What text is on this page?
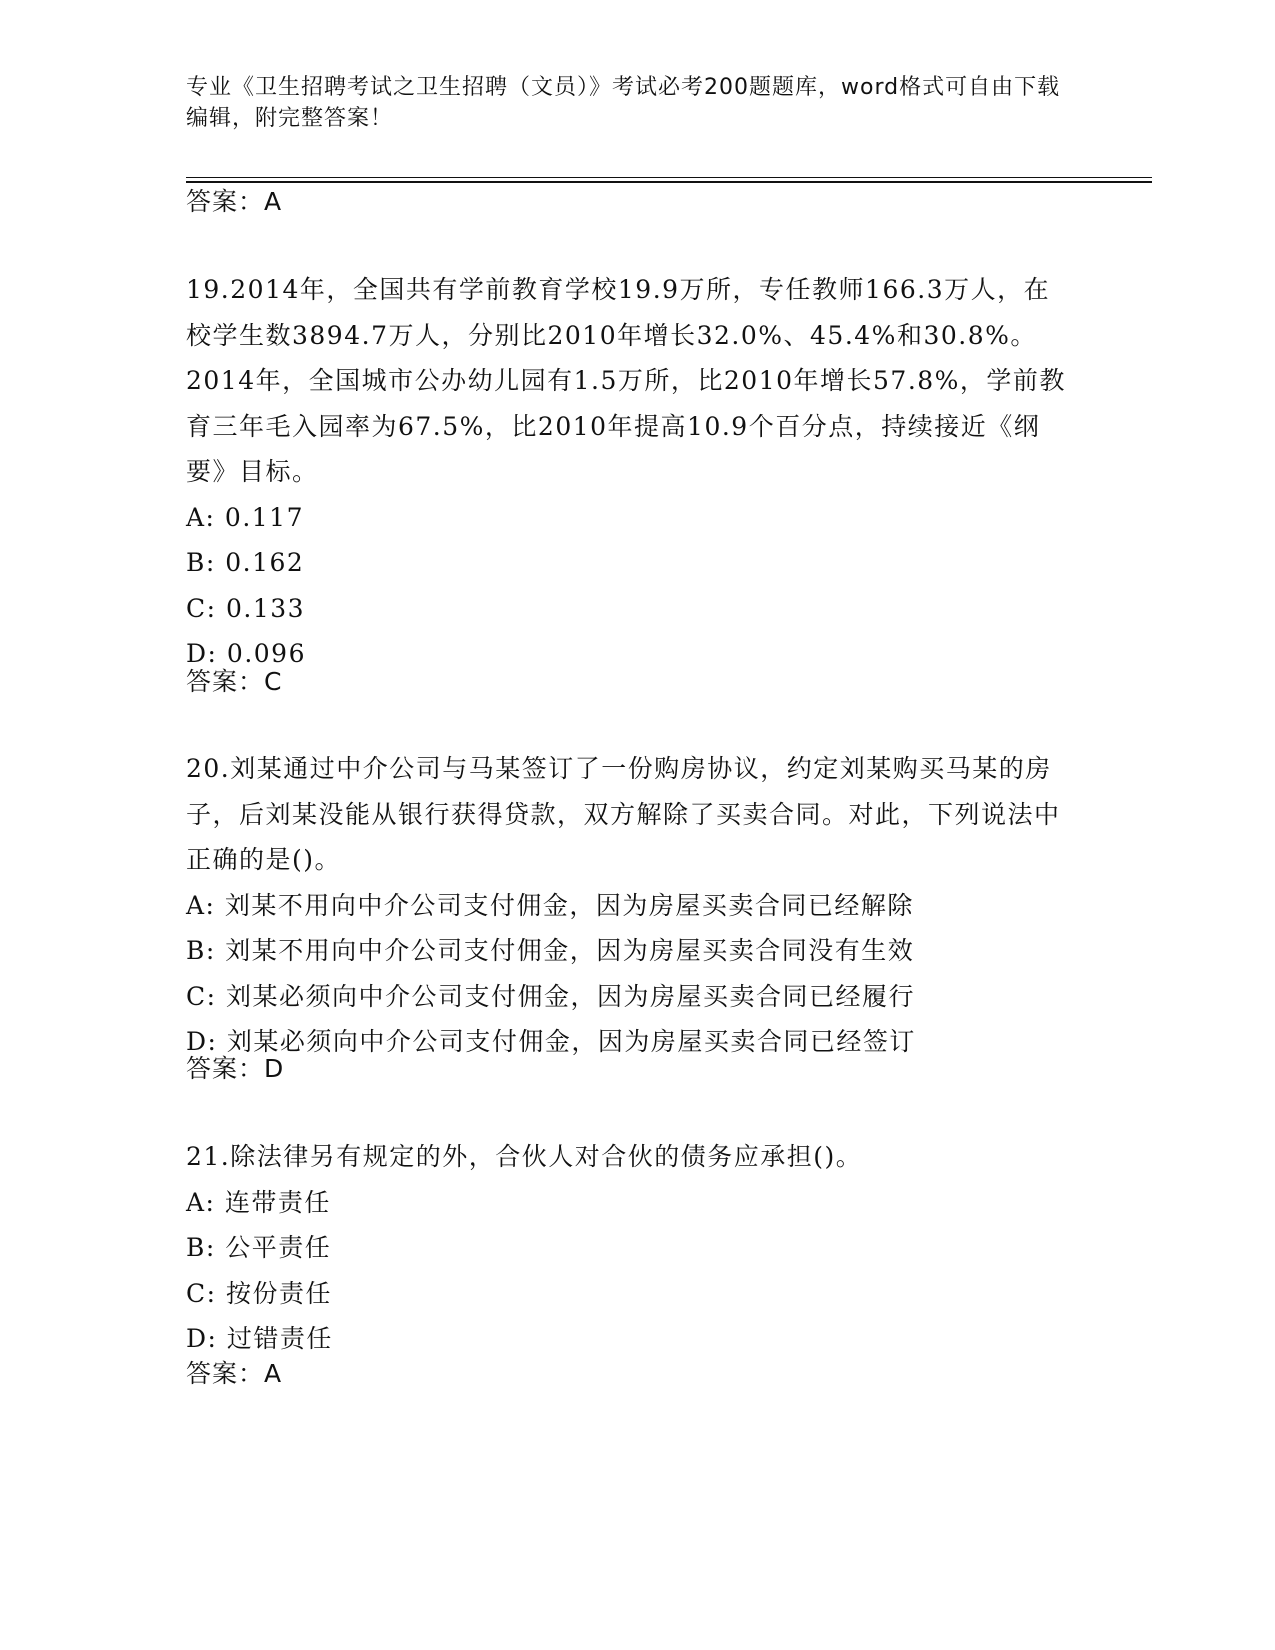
专业《卫生招聘考试之卫生招聘（文员）》考试必考200题题库，word格式可自由下载编辑，附完整答案！
答案：A
19.2014年，全国共有学前教育学校19.9万所，专任教师166.3万人，在校学生数3894.7万人，分别比2010年增长32.0%、45.4%和30.8%。2014年，全国城市公办幼儿园有1.5万所，比2010年增长57.8%，学前教育三年毛入园率为67.5%，比2010年提高10.9个百分点，持续接近《纲要》目标。
A: 0.117
B: 0.162
C: 0.133
D: 0.096
答案：C
20.刘某通过中介公司与马某签订了一份购房协议，约定刘某购买马某的房子，后刘某没能从银行获得贷款，双方解除了买卖合同。对此，下列说法中正确的是()。
A: 刘某不用向中介公司支付佣金，因为房屋买卖合同已经解除
B: 刘某不用向中介公司支付佣金，因为房屋买卖合同没有生效
C: 刘某必须向中介公司支付佣金，因为房屋买卖合同已经履行
D: 刘某必须向中介公司支付佣金，因为房屋买卖合同已经签订
答案：D
21.除法律另有规定的外，合伙人对合伙的债务应承担()。
A: 连带责任
B: 公平责任
C: 按份责任
D: 过错责任
答案：A
